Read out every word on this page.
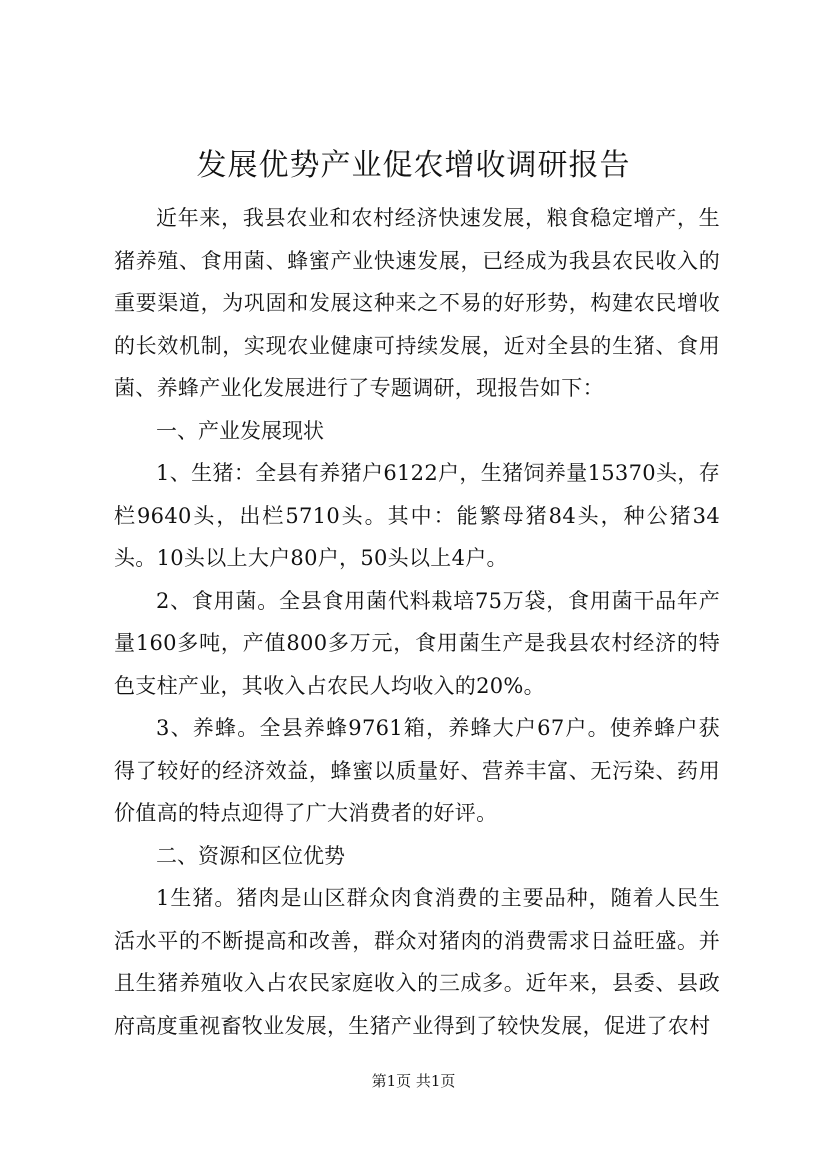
发展优势产业促农增收调研报告

近年来，我县农业和农村经济快速发展，粮食稳定增产，生猪养殖、食用菌、蜂蜜产业快速发展，已经成为我县农民收入的重要渠道，为巩固和发展这种来之不易的好形势，构建农民增收的长效机制，实现农业健康可持续发展，近对全县的生猪、食用菌、养蜂产业化发展进行了专题调研，现报告如下：

一、产业发展现状

1、生猪：全县有养猪户6122户，生猪饲养量15370头，存栏9640头，出栏5710头。其中：能繁母猪84头，种公猪34头。10头以上大户80户，50头以上4户。

2、食用菌。全县食用菌代料栽培75万袋，食用菌干品年产量160多吨，产值800多万元，食用菌生产是我县农村经济的特色支柱产业，其收入占农民人均收入的20%。

3、养蜂。全县养蜂9761箱，养蜂大户67户。使养蜂户获得了较好的经济效益，蜂蜜以质量好、营养丰富、无污染、药用价值高的特点迎得了广大消费者的好评。

二、资源和区位优势

1生猪。猪肉是山区群众肉食消费的主要品种，随着人民生活水平的不断提高和改善，群众对猪肉的消费需求日益旺盛。并且生猪养殖收入占农民家庭收入的三成多。近年来，县委、县政府高度重视畜牧业发展，生猪产业得到了较快发展，促进了农村

第1页 共1页
